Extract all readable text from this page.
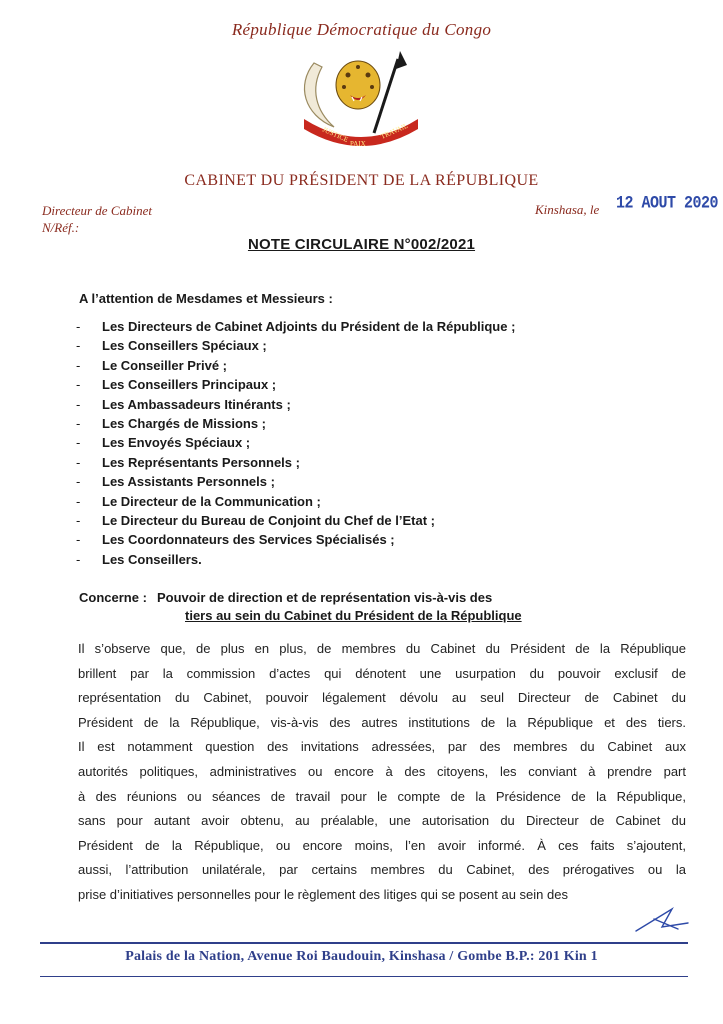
République Démocratique du Congo
JUSTICE
PAIX
TRAVAIL
CABINET DU PRÉSIDENT DE LA RÉPUBLIQUE
Directeur de Cabinet
N/Réf.:
Kinshasa, le 12 AOUT 2020
NOTE CIRCULAIRE N°002/2021
A l’attention de Mesdames et Messieurs :
- Les Directeurs de Cabinet Adjoints du Président de la République ;
- Les Conseillers Spéciaux ;
- Le Conseiller Privé ;
- Les Conseillers Principaux ;
- Les Ambassadeurs Itinérants ;
- Les Chargés de Missions ;
- Les Envoyés Spéciaux ;
- Les Représentants Personnels ;
- Les Assistants Personnels ;
- Le Directeur de la Communication ;
- Le Directeur du Bureau de Conjoint du Chef de l’Etat ;
- Les Coordonnateurs des Services Spécialisés ;
- Les Conseillers.
Concerne : Pouvoir de direction et de représentation vis-à-vis des
tiers au sein du Cabinet du Président de la République
Il s’observe que, de plus en plus, de membres du Cabinet du Président de la République
brillent par la commission d’actes qui dénotent une usurpation du pouvoir exclusif de
représentation du Cabinet, pouvoir légalement dévolu au seul Directeur de Cabinet du
Président de la République, vis-à-vis des autres institutions de la République et des tiers.
Il est notamment question des invitations adressées, par des membres du Cabinet aux
autorités politiques, administratives ou encore à des citoyens, les conviant à prendre part
à des réunions ou séances de travail pour le compte de la Présidence de la République,
sans pour autant avoir obtenu, au préalable, une autorisation du Directeur de Cabinet du
Président de la République, ou encore moins, l’en avoir informé. À ces faits s’ajoutent,
aussi, l’attribution unilatérale, par certains membres du Cabinet, des prérogatives ou la
prise d’initiatives personnelles pour le règlement des litiges qui se posent au sein des
Palais de la Nation, Avenue Roi Baudouin, Kinshasa / Gombe B.P.: 201 Kin 1
